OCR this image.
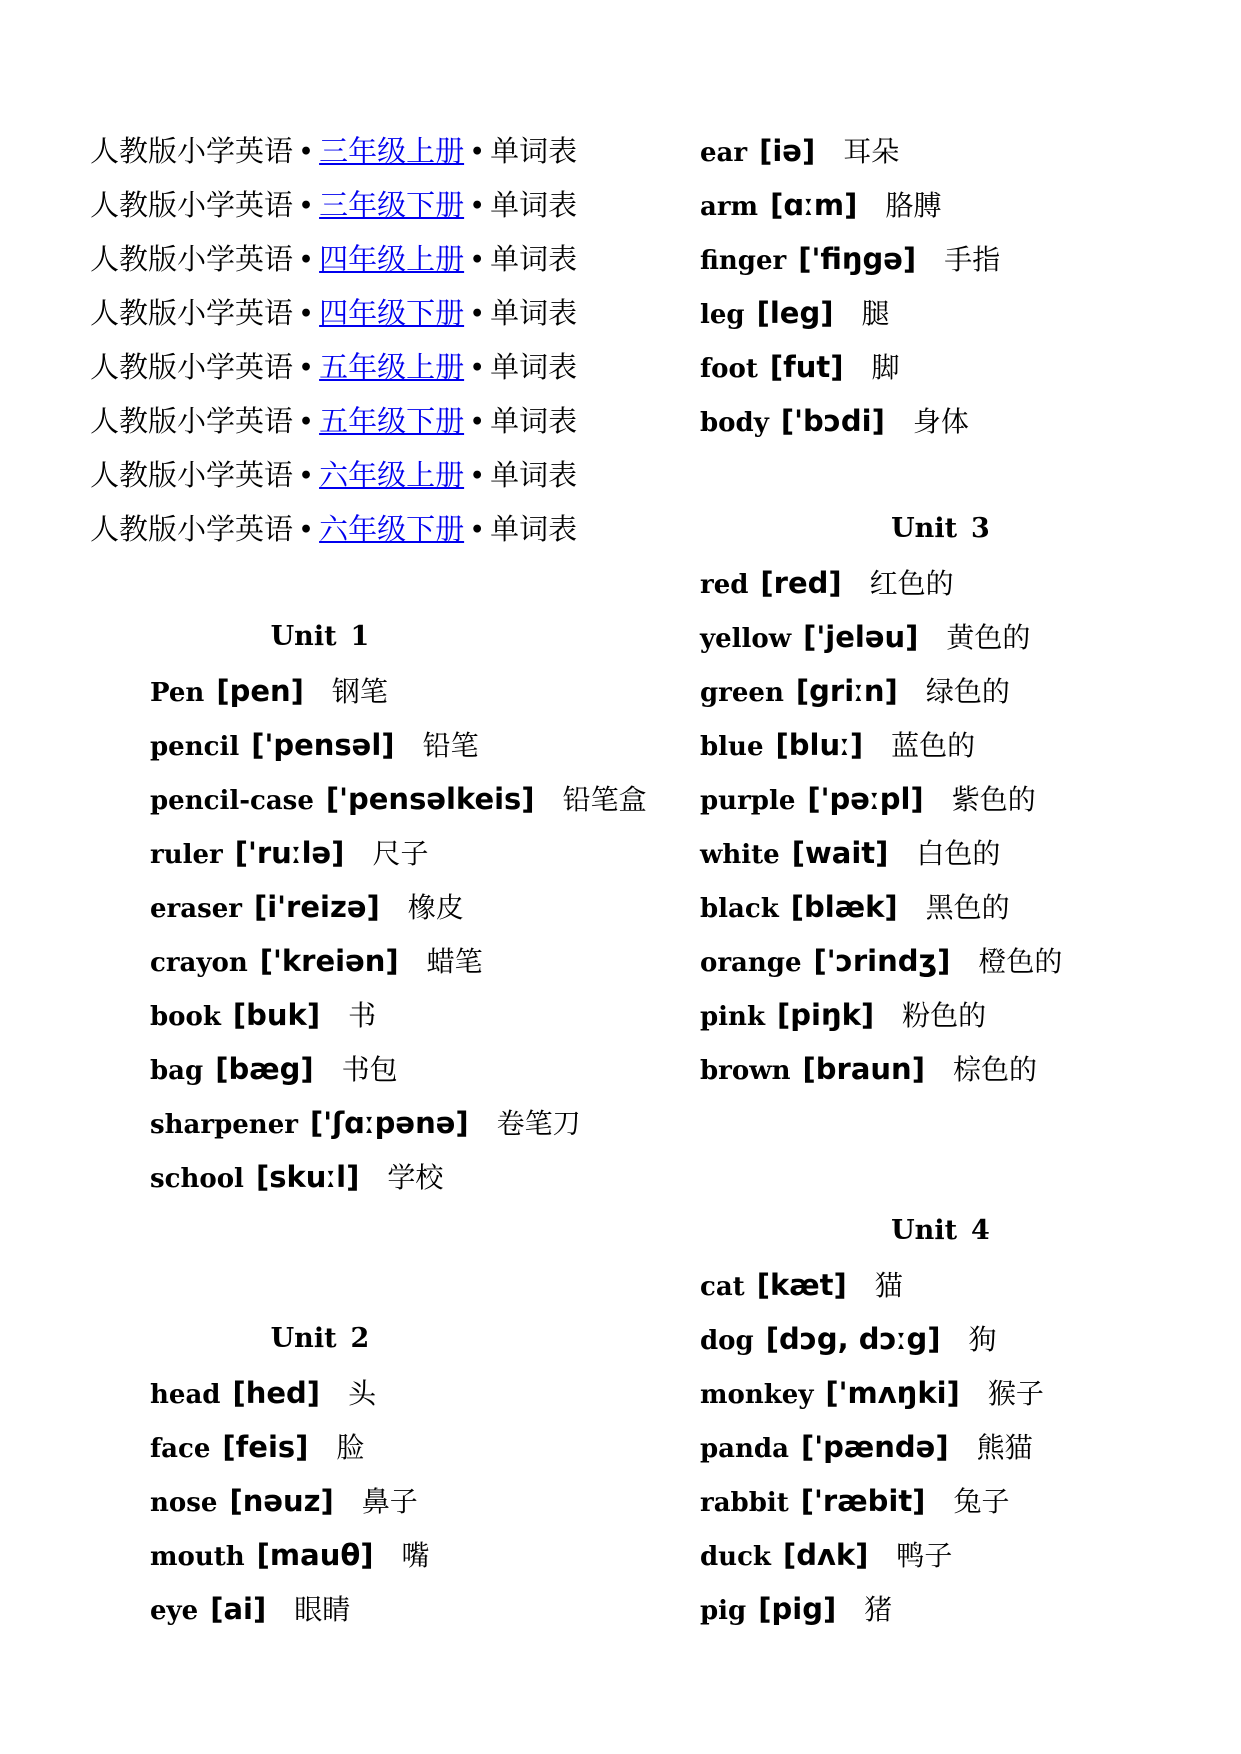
人教版小学英语 • 三年级上册 • 单词表
人教版小学英语 • 三年级下册 • 单词表
人教版小学英语 • 四年级上册 • 单词表
人教版小学英语 • 四年级下册 • 单词表
人教版小学英语 • 五年级上册 • 单词表
人教版小学英语 • 五年级下册 • 单词表
人教版小学英语 • 六年级上册 • 单词表
人教版小学英语 • 六年级下册 • 单词表
Unit 1
Pen [pen] 钢笔
pencil ['pensəl] 铅笔
pencil-case ['pensəlkeis] 铅笔盒
ruler ['ruːlə] 尺子
eraser [i'reizə] 橡皮
crayon ['kreiən] 蜡笔
book [buk] 书
bag [bæg] 书包
sharpener ['ʃɑːpənə] 卷笔刀
school [skuːl] 学校
Unit 2
head [hed] 头
face [feis] 脸
nose [nəuz] 鼻子
mouth [mauθ] 嘴
eye [ai] 眼睛
ear [iə] 耳朵
arm [ɑːm] 胳膊
finger ['fiŋgə] 手指
leg [leg] 腿
foot [fut] 脚
body ['bɔdi] 身体
Unit 3
red [red] 红色的
yellow ['jeləu] 黄色的
green [griːn] 绿色的
blue [bluː] 蓝色的
purple ['pəːpl] 紫色的
white [wait] 白色的
black [blæk] 黑色的
orange ['ɔrindʒ] 橙色的
pink [piŋk] 粉色的
brown [braun] 棕色的
Unit 4
cat [kæt] 猫
dog [dɔg, dɔːg] 狗
monkey ['mʌŋki] 猴子
panda ['pændə] 熊猫
rabbit ['ræbit] 兔子
duck [dʌk] 鸭子
pig [pig] 猪
